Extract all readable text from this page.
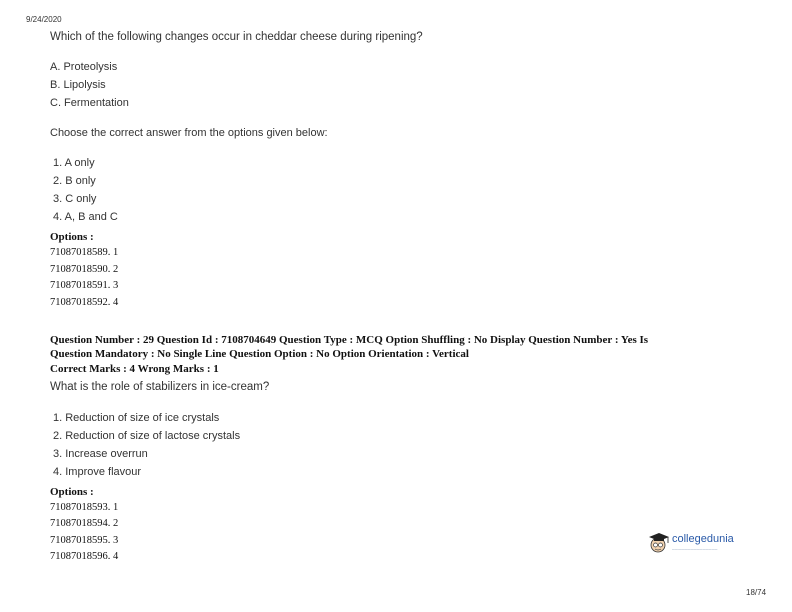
9/24/2020
Which of the following changes occur in cheddar cheese during ripening?
A. Proteolysis
B. Lipolysis
C. Fermentation
Choose the correct answer from the options given below:
1. A only
2. B only
3. C only
4. A, B and C
Options :
71087018589. 1
71087018590. 2
71087018591. 3
71087018592. 4
Question Number : 29 Question Id : 7108704649 Question Type : MCQ Option Shuffling : No Display Question Number : Yes Is
Question Mandatory : No Single Line Question Option : No Option Orientation : Vertical
Correct Marks : 4 Wrong Marks : 1
What is the role of stabilizers in ice-cream?
1. Reduction of size of ice crystals
2. Reduction of size of lactose crystals
3. Increase overrun
4. Improve flavour
Options :
71087018593. 1
71087018594. 2
71087018595. 3
71087018596. 4
collegedunia
───────────────
18/74
